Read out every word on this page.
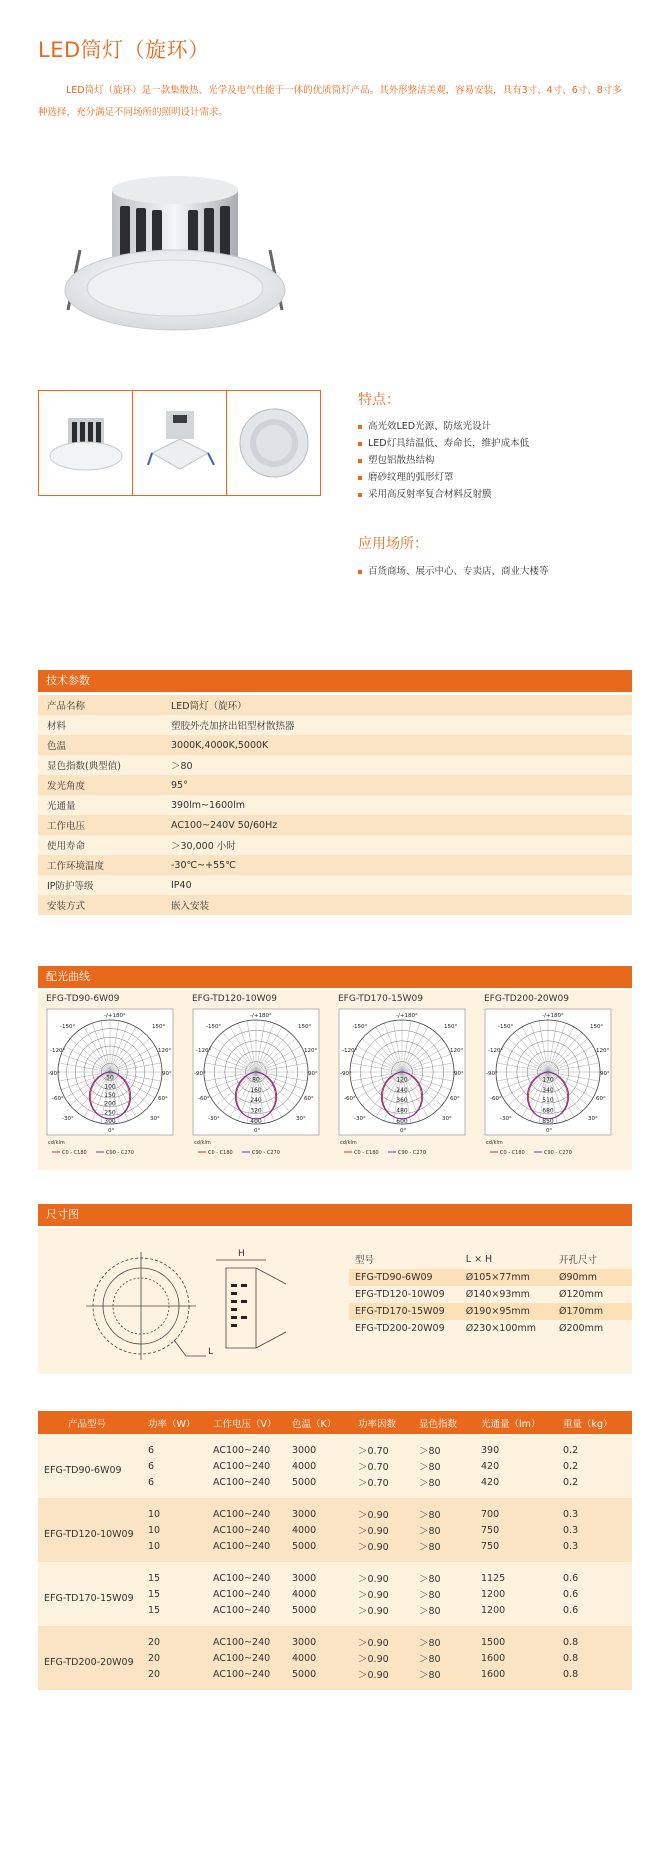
LED筒灯（旋环）

LED筒灯（旋环）是一款集散热、光学及电气性能于一体的优质筒灯产品。其外形整洁美观，容易安装，具有3寸、4寸、6寸、8寸多种选择，充分满足不同场所的照明设计需求。

特点：
高光效LED光源、防炫光设计
LED灯具结温低、寿命长，维护成本低
塑包铝散热结构
磨砂纹理的弧形灯罩
采用高反射率复合材料反射膜
应用场所：
百货商场、展示中心、专卖店、商业大楼等
技术参数
产品名称	LED筒灯（旋环）
材料	塑胶外壳加挤出铝型材散热器
色温	3000K,4000K,5000K
显色指数(典型值)	＞80
发光角度	95°
光通量	390lm~1600lm
工作电压	AC100~240V 50/60Hz
使用寿命	＞30,000 小时
工作环境温度	-30℃~+55℃
IP防护等级	IP40
安装方式	嵌入安装
配光曲线
EFG-TD90-6W09
50
100
150
200
250
300
-/+180°
-150°	150°
-120°	120°
-90°	90°
-60°	60°
-30°	30°
0°
cd/klm
C0 - C180	C90 - C270
EFG-TD120-10W09
80
160
240
320
400
-/+180°
-150°	150°
-120°	120°
-90°	90°
-60°	60°
-30°	30°
0°
cd/klm
C0 - C180	C90 - C270
EFG-TD170-15W09
120
240
360
480
600
-/+180°
-150°	150°
-120°	120°
-90°	90°
-60°	60°
-30°	30°
0°
cd/klm
C0 - C180	C90 - C270
EFG-TD200-20W09
170
340
510
680
850
-/+180°
-150°	150°
-120°	120°
-90°	90°
-60°	60°
-30°	30°
0°
cd/klm
C0 - C180	C90 - C270
尺寸图
H
L
型号	L × H	开孔尺寸
EFG-TD90-6W09	Ø105×77mm	Ø90mm
EFG-TD120-10W09	Ø140×93mm	Ø120mm
EFG-TD170-15W09	Ø190×95mm	Ø170mm
EFG-TD200-20W09	Ø230×100mm	Ø200mm
产品型号	功率（W）	工作电压（V）	色温（K）	功率因数	显色指数	光通量（lm）	重量（kg）
EFG-TD90-6W09	6	AC100~240	3000	＞0.70	＞80	390	0.2
	6	AC100~240	4000	＞0.70	＞80	420	0.2
	6	AC100~240	5000	＞0.70	＞80	420	0.2
EFG-TD120-10W09	10	AC100~240	3000	＞0.90	＞80	700	0.3
	10	AC100~240	4000	＞0.90	＞80	750	0.3
	10	AC100~240	5000	＞0.90	＞80	750	0.3
EFG-TD170-15W09	15	AC100~240	3000	＞0.90	＞80	1125	0.6
	15	AC100~240	4000	＞0.90	＞80	1200	0.6
	15	AC100~240	5000	＞0.90	＞80	1200	0.6
EFG-TD200-20W09	20	AC100~240	3000	＞0.90	＞80	1500	0.8
	20	AC100~240	4000	＞0.90	＞80	1600	0.8
	20	AC100~240	5000	＞0.90	＞80	1600	0.8
